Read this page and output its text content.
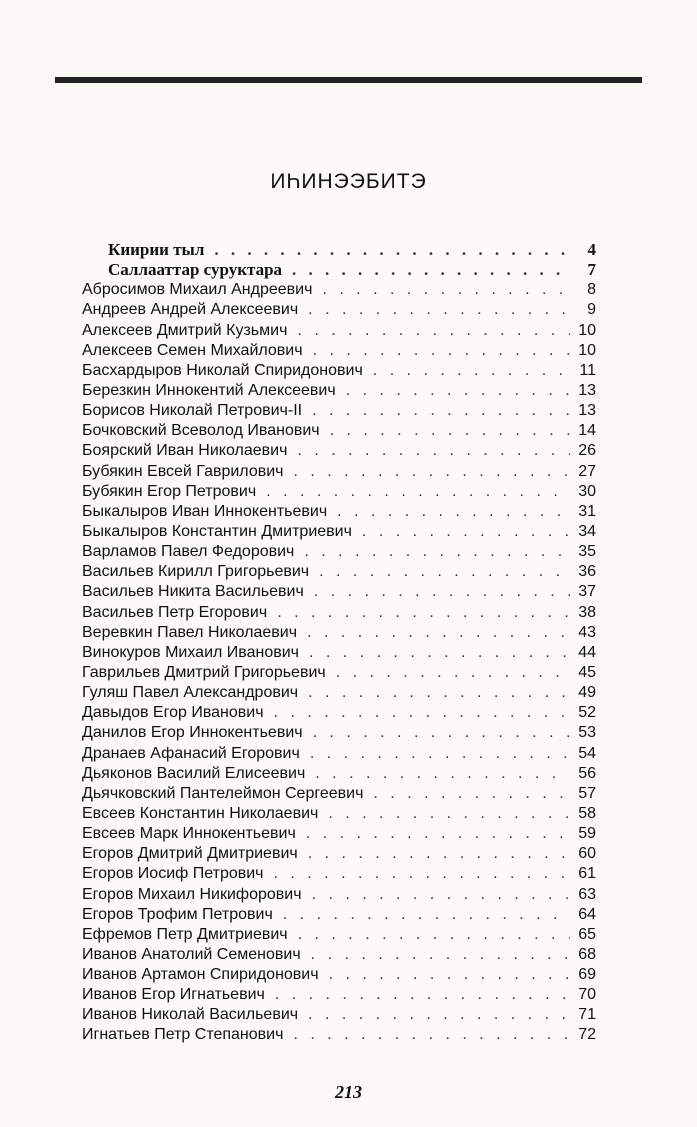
ИҺИНЭЭБИТЭ
Киирии тыл . . .	4
Саллааттар суруктара . . .	7
Абросимов Михаил Андреевич . . .	8
Андреев Андрей Алексеевич . . .	9
Алексеев Дмитрий Кузьмич . . .	10
Алексеев Семен Михайлович . . .	10
Басхардыров Николай Спиридонович . . .	11
Березкин Иннокентий Алексеевич . . .	13
Борисов Николай Петрович-II . . .	13
Бочковский Всеволод Иванович . . .	14
Боярский Иван Николаевич . . .	26
Бубякин Евсей Гаврилович . . .	27
Бубякин Егор Петрович . . .	30
Быкалыров Иван Иннокентьевич . . .	31
Быкалыров Константин Дмитриевич . . .	34
Варламов Павел Федорович . . .	35
Васильев Кирилл Григорьевич . . .	36
Васильев Никита Васильевич . . .	37
Васильев Петр Егорович . . .	38
Веревкин Павел Николаевич . . .	43
Винокуров Михаил Иванович . . .	44
Гаврильев Дмитрий Григорьевич . . .	45
Гуляш Павел Александрович . . .	49
Давыдов Егор Иванович . . .	52
Данилов Егор Иннокентьевич . . .	53
Дранаев Афанасий Егорович . . .	54
Дьяконов Василий Елисеевич . . .	56
Дьячковский Пантелеймон Сергеевич . . .	57
Евсеев Константин Николаевич . . .	58
Евсеев Марк Иннокентьевич . . .	59
Егоров Дмитрий Дмитриевич . . .	60
Егоров Иосиф Петрович . . .	61
Егоров Михаил Никифорович . . .	63
Егоров Трофим Петрович . . .	64
Ефремов Петр Дмитриевич . . .	65
Иванов Анатолий Семенович . . .	68
Иванов Артамон Спиридонович . . .	69
Иванов Егор Игнатьевич . . .	70
Иванов Николай Васильевич . . .	71
Игнатьев Петр Степанович . . .	72
213
